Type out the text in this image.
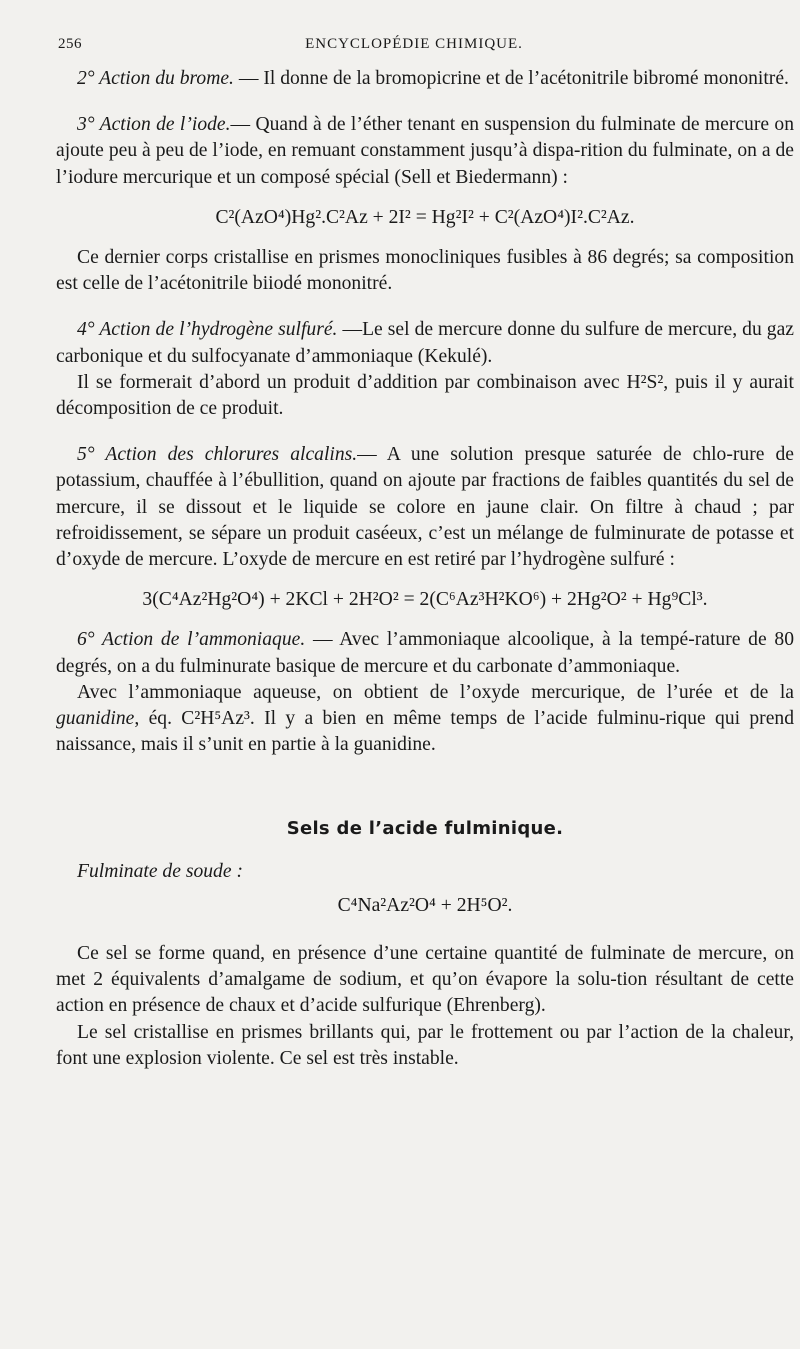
256	ENCYCLOPÉDIE CHIMIQUE.

2° Action du brome. — Il donne de la bromopicrine et de l’acétonitrile bibromé mononitré.

3° Action de l’iode.— Quand à de l’éther tenant en suspension du fulminate de mercure on ajoute peu à peu de l’iode, en remuant constamment jusqu’à dispa-rition du fulminate, on a de l’iodure mercurique et un composé spécial (Sell et Biedermann) :

C²(AzO⁴)Hg².C²Az + 2I² = Hg²I² + C²(AzO⁴)I².C²Az.

Ce dernier corps cristallise en prismes monocliniques fusibles à 86 degrés; sa composition est celle de l’acétonitrile biiodé mononitré.

4° Action de l’hydrogène sulfuré. —Le sel de mercure donne du sulfure de mercure, du gaz carbonique et du sulfocyanate d’ammoniaque (Kekulé).

Il se formerait d’abord un produit d’addition par combinaison avec H²S², puis il y aurait décomposition de ce produit.

5° Action des chlorures alcalins.— A une solution presque saturée de chlo-rure de potassium, chauffée à l’ébullition, quand on ajoute par fractions de faibles quantités du sel de mercure, il se dissout et le liquide se colore en jaune clair. On filtre à chaud ; par refroidissement, se sépare un produit caséeux, c’est un mélange de fulminurate de potasse et d’oxyde de mercure. L’oxyde de mercure en est retiré par l’hydrogène sulfuré :

3(C⁴Az²Hg²O⁴) + 2KCl + 2H²O² = 2(C⁶Az³H²KO⁶) + 2Hg²O² + Hg⁹Cl³.

6° Action de l’ammoniaque. — Avec l’ammoniaque alcoolique, à la tempé-rature de 80 degrés, on a du fulminurate basique de mercure et du carbonate d’ammoniaque.

Avec l’ammoniaque aqueuse, on obtient de l’oxyde mercurique, de l’urée et de la guanidine, éq. C²H⁵Az³. Il y a bien en même temps de l’acide fulminu-rique qui prend naissance, mais il s’unit en partie à la guanidine.

Sels de l’acide fulminique.

Fulminate de soude :

C⁴Na²Az²O⁴ + 2H⁵O².

Ce sel se forme quand, en présence d’une certaine quantité de fulminate de mercure, on met 2 équivalents d’amalgame de sodium, et qu’on évapore la solu-tion résultant de cette action en présence de chaux et d’acide sulfurique (Ehrenberg).

Le sel cristallise en prismes brillants qui, par le frottement ou par l’action de la chaleur, font une explosion violente. Ce sel est très instable.
